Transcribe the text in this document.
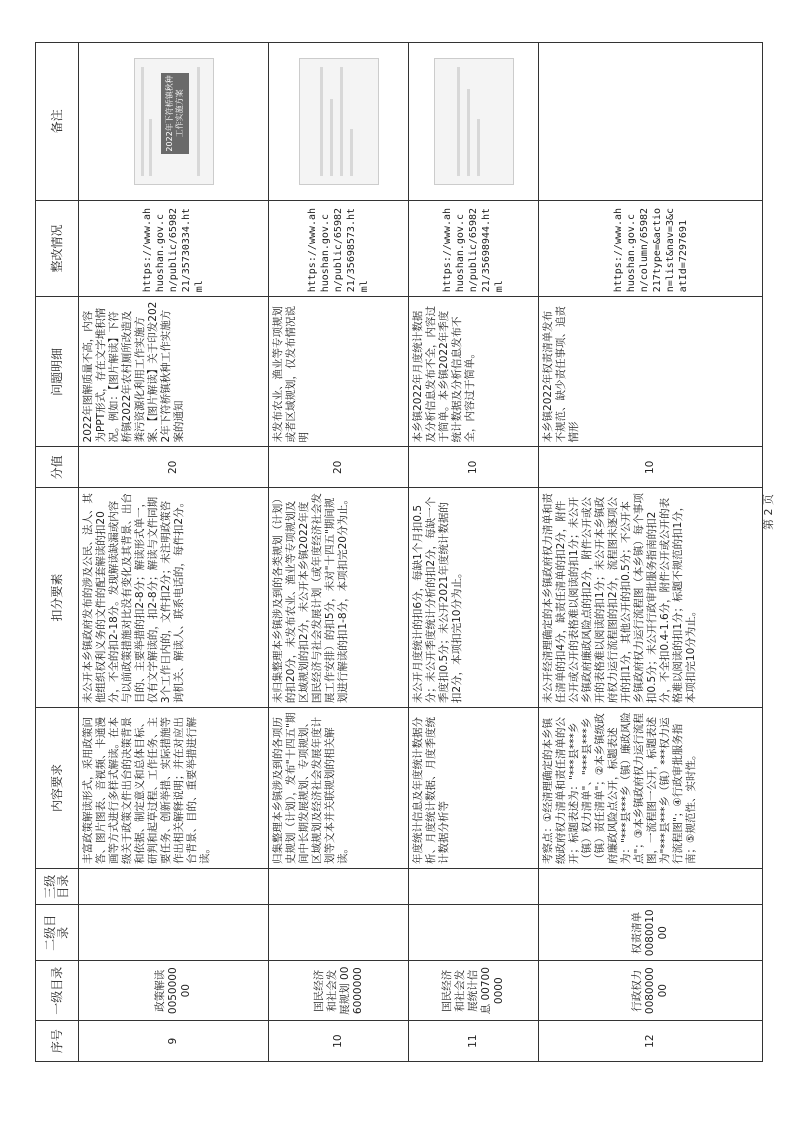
序号	一级目录	二级目录	三级目录	内容要求	扣分要素	分值	问题明细	整改情况	备注
9	政策解读 005000000			丰富政策解读形式，采用政策问答、图片图表、音视频、卡通漫画等方式进行多样式解读。在本级关于政策文件出台的决策背景和依据、制定意义和总体目标、研判和起草过程、工作任务、主要任务、创新举措、实际措施等作出相关解释说明；并在对应出台背景、目的、重要举措进行解读。	未公开本乡镇政府发布的涉及公民、法人、其他组织权利义务的文件的配套解读的扣20分，不全的扣2-18分。发现解读缺漏或内容与以前政策措施对比没有变化及其背景、出台目的、主要举措的扣2-8分；解读形式单一，仅有文字解读的，扣2-8分；解读与文件同期3个工作日内的，文件扣2分；未注明政策咨询机关、解读人、联系电话的，每件扣2分。	20	2022年图解质量不高，内容为PPT形式，存在文字堆积情况。例如：【图片解读】下符桥镇2022年农村厕所改造及粪污资源化利用工作实施方案、【图片解读】关于印发2022年下符桥镇秋种工作实施方案的通知	https://www.ahhuoshan.gov.cn/public/6598221/35730334.html	2022年下符桥镇秋种工作实施方案

10	国民经济和社会发展规划 006000000			归集整理本乡镇涉及到的各项历史规划（计划），发布"十四五"期间中长期发展规划、专项规划、区域规划及经济社会发展年度计划等文本并关联规划的相关解读。	未归集整理本乡镇涉及到的各类规划（计划）的扣20分，未发布农业、渔业等专项规划及区域规划的扣2分，未公开本乡镇2022年度国民经济与社会发展计划（或年度经济社会发展工作安排）的扣5分，未对"十四五"期间规划进行解读的扣1-8分，本项扣完20分为止。	20	未发布农业、渔业等专项规划或者区域规划，仅发布情况说明	https://www.ahhuoshan.gov.cn/public/6598221/35698573.html	

11	国民经济和社会发展统计信息 007000000			年度统计信息及年度统计数据分析、月度统计数据、月度季度统计数据分析等	未公开月度统计的扣6分，每缺1个月扣0.5分；未公开季度统计分析的扣2分，每缺一个季度扣0.5分；未公开2021年度统计数据的扣2分，本项扣完10分为止。	10	本乡镇2022年月度统计数据及分析信息发布不全，内容过于简单。本乡镇2022年季度统计数据及分析信息发布不全，内容过于简单。	https://www.ahhuoshan.gov.cn/public/6598221/35698944.html	

12	行政权力 008000000	权责清单 008001000		考察点：①经清理确定的本乡镇级政府权力清单和责任清单的公开；标题表述为："***县***乡（镇）权力清单"、"***县***乡（镇）责任清单"；②本乡镇级政府廉政风险点公开，标题表述为："***县***乡（镇）廉政风险点"；③本乡镇政府权力运行流程图，一流程图一公开，标题表述为"***县***乡（镇）***权力运行流程图"；④行政审批服务指南；⑤规范性、实时性。	未公开经清理确定的本乡镇政府权力清单和责任清单的扣4分，缺责任清单的扣2分，附件公开或公开的表格难以阅读的扣1分；未公开乡镇政府廉政风险点的扣2分，附件公开或公开的表格难以阅读的扣1分；未公开本乡镇政府权力运行流程图的扣2分，流程图未逐项公开的扣1分，其他公开的扣0.5分；不公开本乡镇政府权力运行流程图（本乡镇）每个事项扣0.5分；未公开行政审批服务指南的扣2分，不全扣0.4-1.6分，附件公开或公开的表格难以阅读的扣1分；标题不规范的扣1分，本项扣完10分为止。	10	本乡镇2022年权责清单发布不规范、缺少责任事项、追责情形	https://www.ahhuoshan.gov.cn/column/65982217type=&action=list&nav=3&catId=7297691	
第 2 页
